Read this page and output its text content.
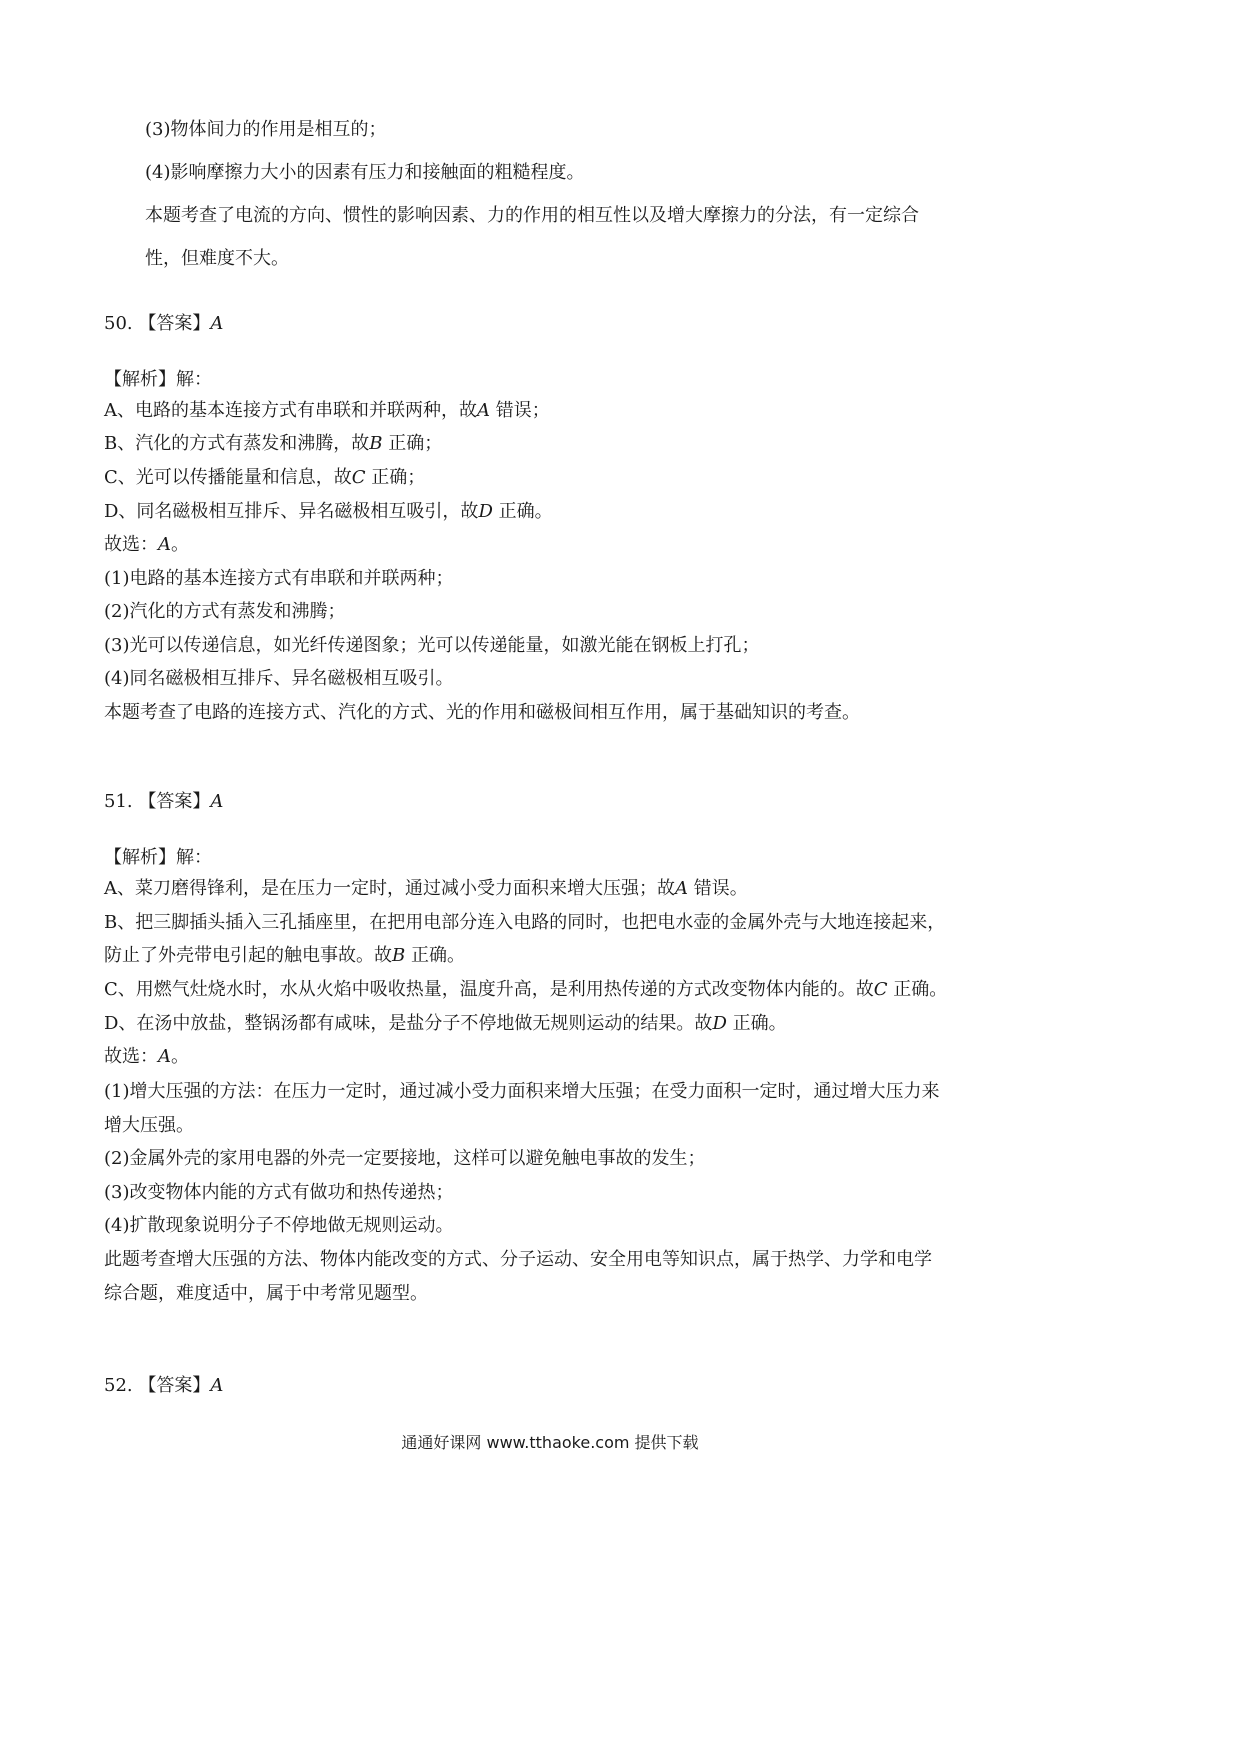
(3)物体间力的作用是相互的；
(4)影响摩擦力大小的因素有压力和接触面的粗糙程度。
本题考查了电流的方向、惯性的影响因素、力的作用的相互性以及增大摩擦力的分法，有一定综合
性，但难度不大。
50. 【答案】A
【解析】解：
A、电路的基本连接方式有串联和并联两种，故A 错误；
B、汽化的方式有蒸发和沸腾，故B 正确；
C、光可以传播能量和信息，故C 正确；
D、同名磁极相互排斥、异名磁极相互吸引，故D 正确。
故选：A。
(1)电路的基本连接方式有串联和并联两种；
(2)汽化的方式有蒸发和沸腾；
(3)光可以传递信息，如光纤传递图象；光可以传递能量，如激光能在钢板上打孔；
(4)同名磁极相互排斥、异名磁极相互吸引。
本题考查了电路的连接方式、汽化的方式、光的作用和磁极间相互作用，属于基础知识的考查。
51. 【答案】A
【解析】解：
A、菜刀磨得锋利，是在压力一定时，通过减小受力面积来增大压强；故A 错误。
B、把三脚插头插入三孔插座里，在把用电部分连入电路的同时，也把电水壶的金属外壳与大地连接起来，
防止了外壳带电引起的触电事故。故B 正确。
C、用燃气灶烧水时，水从火焰中吸收热量，温度升高，是利用热传递的方式改变物体内能的。故C 正确。
D、在汤中放盐，整锅汤都有咸味，是盐分子不停地做无规则运动的结果。故D 正确。
故选：A。
(1)增大压强的方法：在压力一定时，通过减小受力面积来增大压强；在受力面积一定时，通过增大压力来
增大压强。
(2)金属外壳的家用电器的外壳一定要接地，这样可以避免触电事故的发生；
(3)改变物体内能的方式有做功和热传递热；
(4)扩散现象说明分子不停地做无规则运动。
此题考查增大压强的方法、物体内能改变的方式、分子运动、安全用电等知识点，属于热学、力学和电学
综合题，难度适中，属于中考常见题型。
52. 【答案】A
通通好课网 www.tthaoke.com 提供下载
